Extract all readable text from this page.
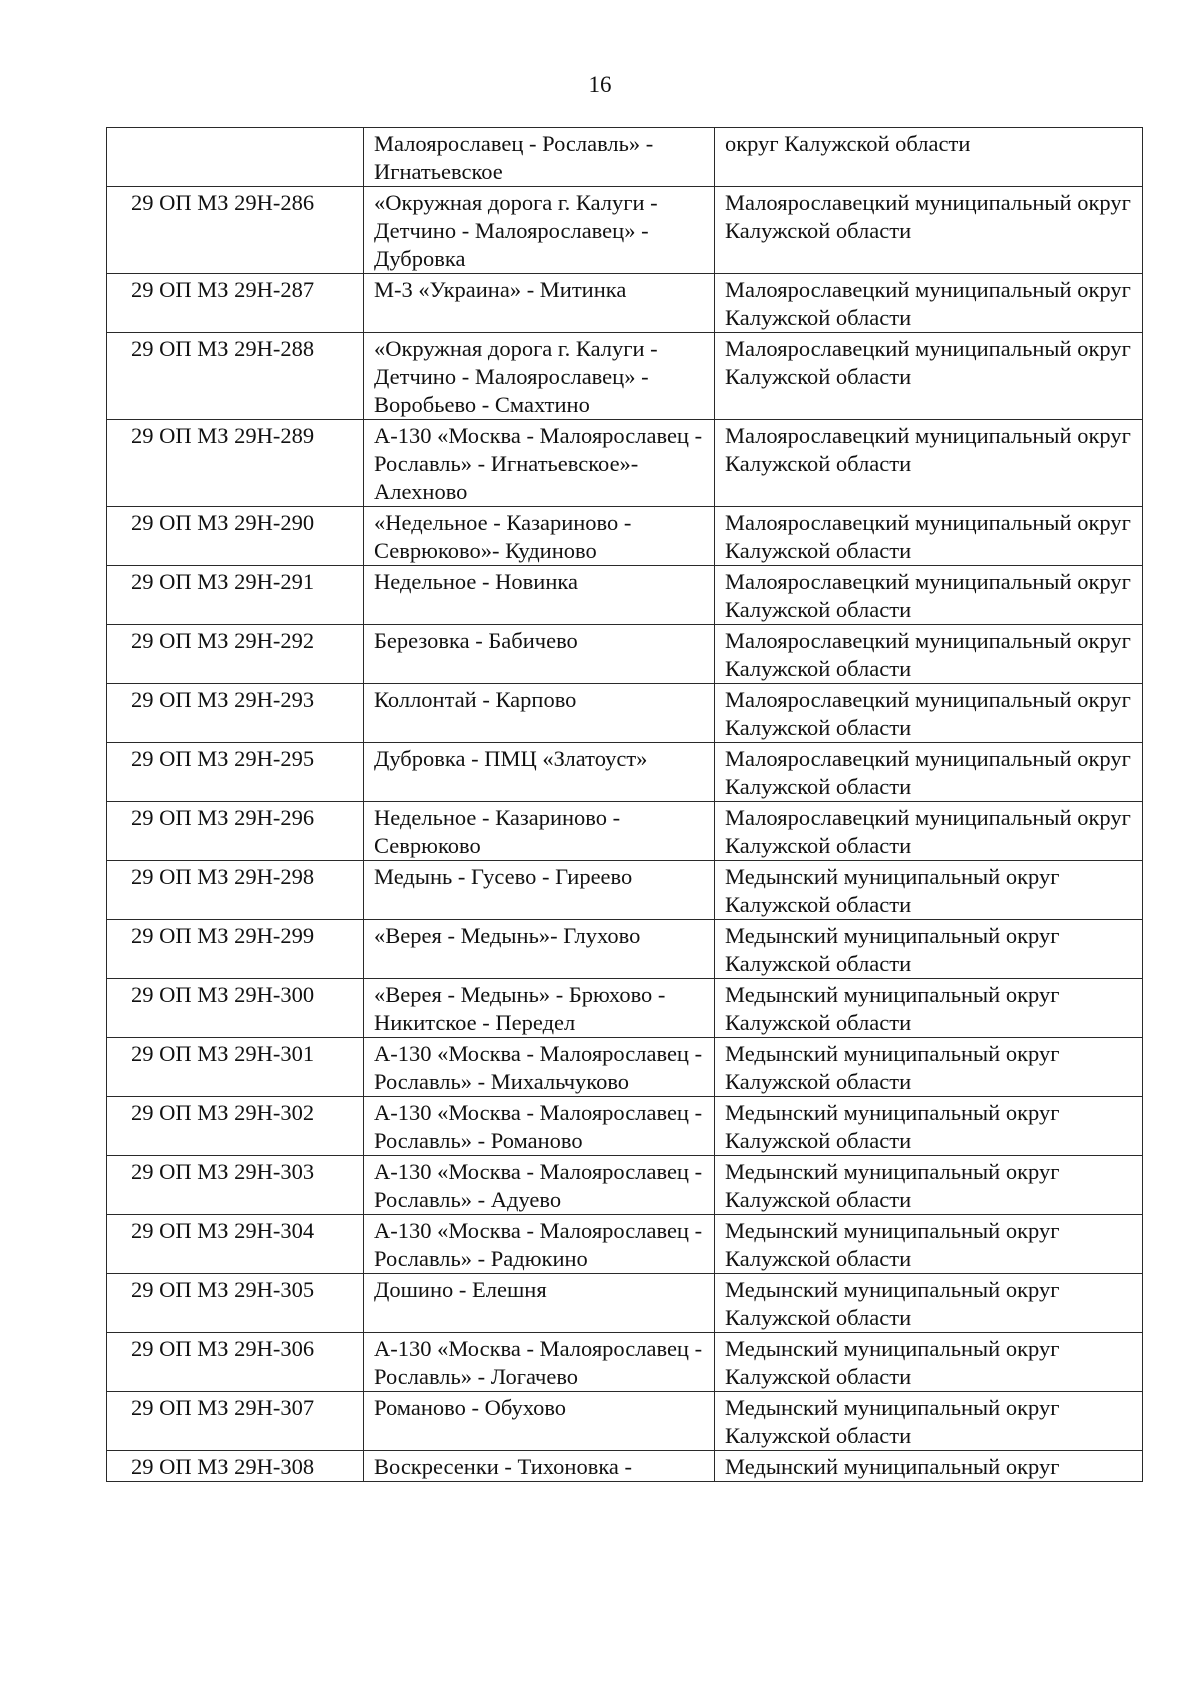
16
	Малоярославец - Рославль» - Игнатьевское	округ Калужской области
29 ОП МЗ 29Н-286	«Окружная дорога г. Калуги - Детчино - Малоярославец» - Дубровка	Малоярославецкий муниципальный округ Калужской области
29 ОП МЗ 29Н-287	М-3 «Украина» - Митинка	Малоярославецкий муниципальный округ Калужской области
29 ОП МЗ 29Н-288	«Окружная дорога г. Калуги - Детчино - Малоярославец» - Воробьево - Смахтино	Малоярославецкий муниципальный округ Калужской области
29 ОП МЗ 29Н-289	А-130 «Москва - Малоярославец - Рославль» - Игнатьевское»- Алехново	Малоярославецкий муниципальный округ Калужской области
29 ОП МЗ 29Н-290	«Недельное - Казариново - Севрюково»- Кудиново	Малоярославецкий муниципальный округ Калужской области
29 ОП МЗ 29Н-291	Недельное - Новинка	Малоярославецкий муниципальный округ Калужской области
29 ОП МЗ 29Н-292	Березовка - Бабичево	Малоярославецкий муниципальный округ Калужской области
29 ОП МЗ 29Н-293	Коллонтай - Карпово	Малоярославецкий муниципальный округ Калужской области
29 ОП МЗ 29Н-295	Дубровка - ПМЦ «Златоуст»	Малоярославецкий муниципальный округ Калужской области
29 ОП МЗ 29Н-296	Недельное - Казариново - Севрюково	Малоярославецкий муниципальный округ Калужской области
29 ОП МЗ 29Н-298	Медынь - Гусево - Гиреево	Медынский муниципальный округ Калужской области
29 ОП МЗ 29Н-299	«Верея - Медынь»- Глухово	Медынский муниципальный округ Калужской области
29 ОП МЗ 29Н-300	«Верея - Медынь» - Брюхово - Никитское - Передел	Медынский муниципальный округ Калужской области
29 ОП МЗ 29Н-301	А-130 «Москва - Малоярославец - Рославль» - Михальчуково	Медынский муниципальный округ Калужской области
29 ОП МЗ 29Н-302	А-130 «Москва - Малоярославец - Рославль» - Романово	Медынский муниципальный округ Калужской области
29 ОП МЗ 29Н-303	А-130 «Москва - Малоярославец - Рославль» - Адуево	Медынский муниципальный округ Калужской области
29 ОП МЗ 29Н-304	А-130 «Москва - Малоярославец - Рославль» - Радюкино	Медынский муниципальный округ Калужской области
29 ОП МЗ 29Н-305	Дошино - Елешня	Медынский муниципальный округ Калужской области
29 ОП МЗ 29Н-306	А-130 «Москва - Малоярославец - Рославль» - Логачево	Медынский муниципальный округ Калужской области
29 ОП МЗ 29Н-307	Романово - Обухово	Медынский муниципальный округ Калужской области
29 ОП МЗ 29Н-308	Воскресенки - Тихоновка -	Медынский муниципальный округ
